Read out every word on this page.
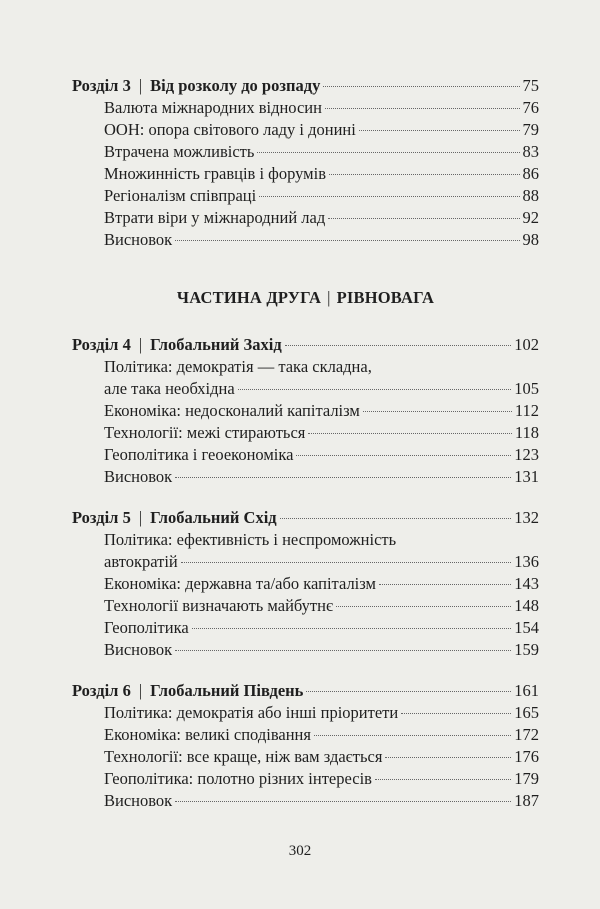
Розділ 3 | Від розколу до розпаду	75
Валюта міжнародних відносин	76
ООН: опора світового ладу і донині	79
Втрачена можливість	83
Множинність гравців і форумів	86
Регіоналізм співпраці	88
Втрати віри у міжнародний лад	92
Висновок	98
ЧАСТИНА ДРУГА | РІВНОВАГА
Розділ 4 | Глобальний Захід	102
Політика: демократія — така складна,
але така необхідна	105
Економіка: недосконалий капіталізм	112
Технології: межі стираються	118
Геополітика і геоекономіка	123
Висновок	131
Розділ 5 | Глобальний Схід	132
Політика: ефективність і неспроможність
автократій	136
Економіка: державна та/або капіталізм	143
Технології визначають майбутнє	148
Геополітика	154
Висновок	159
Розділ 6 | Глобальний Південь	161
Політика: демократія або інші пріоритети	165
Економіка: великі сподівання	172
Технології: все краще, ніж вам здається	176
Геополітика: полотно різних інтересів	179
Висновок	187
302
